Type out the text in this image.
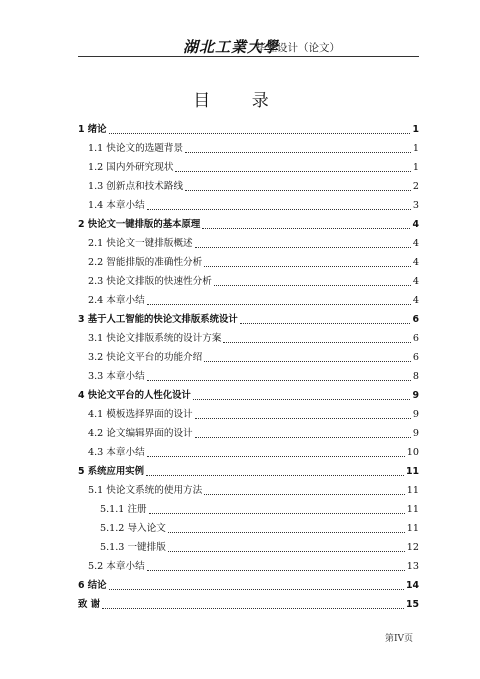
湖北工業大學
毕业设计（论文）
目 录
1 绪论	1
1.1 快论文的选题背景	1
1.2 国内外研究现状	1
1.3 创新点和技术路线	2
1.4 本章小结	3
2 快论文一键排版的基本原理	4
2.1 快论文一键排版概述	4
2.2 智能排版的准确性分析	4
2.3 快论文排版的快速性分析	4
2.4 本章小结	4
3 基于人工智能的快论文排版系统设计	6
3.1 快论文排版系统的设计方案	6
3.2 快论文平台的功能介绍	6
3.3 本章小结	8
4 快论文平台的人性化设计	9
4.1 模板选择界面的设计	9
4.2 论文编辑界面的设计	9
4.3 本章小结	10
5 系统应用实例	11
5.1 快论文系统的使用方法	11
5.1.1 注册	11
5.1.2 导入论文	11
5.1.3 一键排版	12
5.2 本章小结	13
6 结论	14
致 谢	15
第IV页
